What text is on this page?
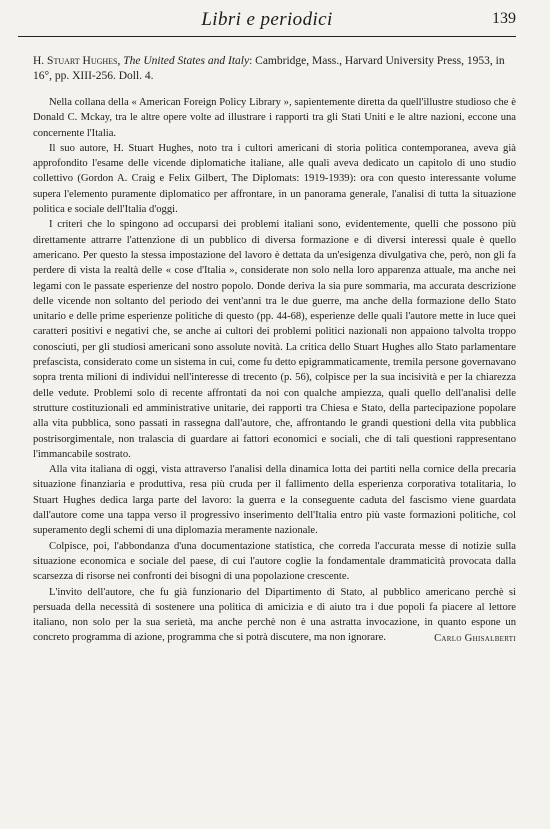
Libri e periodici	139

H. Stuart Hughes, The United States and Italy: Cambridge, Mass., Harvard University Press, 1953, in 16°, pp. XIII-256. Doll. 4.

Nella collana della « American Foreign Policy Library », sapientemente diretta da quell'illustre studioso che è Donald C. Mckay, tra le altre opere volte ad illustrare i rapporti tra gli Stati Uniti e le altre nazioni, eccone una concernente l'Italia.

Il suo autore, H. Stuart Hughes, noto tra i cultori americani di storia politica contemporanea, aveva già approfondito l'esame delle vicende diplomatiche italiane, alle quali aveva dedicato un capitolo di uno studio collettivo (Gordon A. Craig e Felix Gilbert, The Diplomats: 1919-1939): ora con questo interessante volume supera l'elemento puramente diplomatico per affrontare, in un panorama generale, l'analisi di tutta la situazione politica e sociale dell'Italia d'oggi.

I criteri che lo spingono ad occuparsi dei problemi italiani sono, evidentemente, quelli che possono più direttamente attrarre l'attenzione di un pubblico di diversa formazione e di diversi interessi quale è quello americano. Per questo la stessa impostazione del lavoro è dettata da un'esigenza divulgativa che, però, non gli fa perdere di vista la realtà delle « cose d'Italia », considerate non solo nella loro apparenza attuale, ma anche nei legami con le passate esperienze del nostro popolo. Donde deriva la sia pure sommaria, ma accurata descrizione delle vicende non soltanto del periodo dei vent'anni tra le due guerre, ma anche della formazione dello Stato unitario e delle prime esperienze politiche di questo (pp. 44-68), esperienze delle quali l'autore mette in luce quei caratteri positivi e negativi che, se anche ai cultori dei problemi politici nazionali non appaiono talvolta troppo conosciuti, per gli studiosi americani sono assolute novità. La critica dello Stuart Hughes allo Stato parlamentare prefascista, considerato come un sistema in cui, come fu detto epigrammaticamente, tremila persone governavano sopra trenta milioni di individui nell'interesse di trecento (p. 56), colpisce per la sua incisività e per la chiarezza delle vedute. Problemi solo di recente affrontati da noi con qualche ampiezza, quali quello dell'analisi delle strutture costituzionali ed amministrative unitarie, dei rapporti tra Chiesa e Stato, della partecipazione popolare alla vita pubblica, sono passati in rassegna dall'autore, che, affrontando le grandi questioni della vita pubblica postrisorgimentale, non tralascia di guardare ai fattori economici e sociali, che di tali questioni rappresentano l'immancabile sostrato.

Alla vita italiana di oggi, vista attraverso l'analisi della dinamica lotta dei partiti nella cornice della precaria situazione finanziaria e produttiva, resa più cruda per il fallimento della esperienza corporativa totalitaria, lo Stuart Hughes dedica larga parte del lavoro: la guerra e la conseguente caduta del fascismo viene guardata dall'autore come una tappa verso il progressivo inserimento dell'Italia entro più vaste formazioni politiche, col superamento degli schemi di una diplomazia meramente nazionale.

Colpisce, poi, l'abbondanza d'una documentazione statistica, che corredа l'accurata messe di notizie sulla situazione economica e sociale del paese, di cui l'autore coglie la fondamentale drammaticità provocata dalla scarsezza di risorse nei confronti dei bisogni di una popolazione crescente.

L'invito dell'autore, che fu già funzionario del Dipartimento di Stato, al pubblico americano perchè si persuada della necessità di sostenere una politica di amicizia e di aiuto tra i due popoli fa piacere al lettore italiano, non solo per la sua serietà, ma anche perchè non è una astratta invocazione, in quanto espone un concreto programma di azione, programma che si potrà discutere, ma non ignorare.	Carlo Ghisalberti
